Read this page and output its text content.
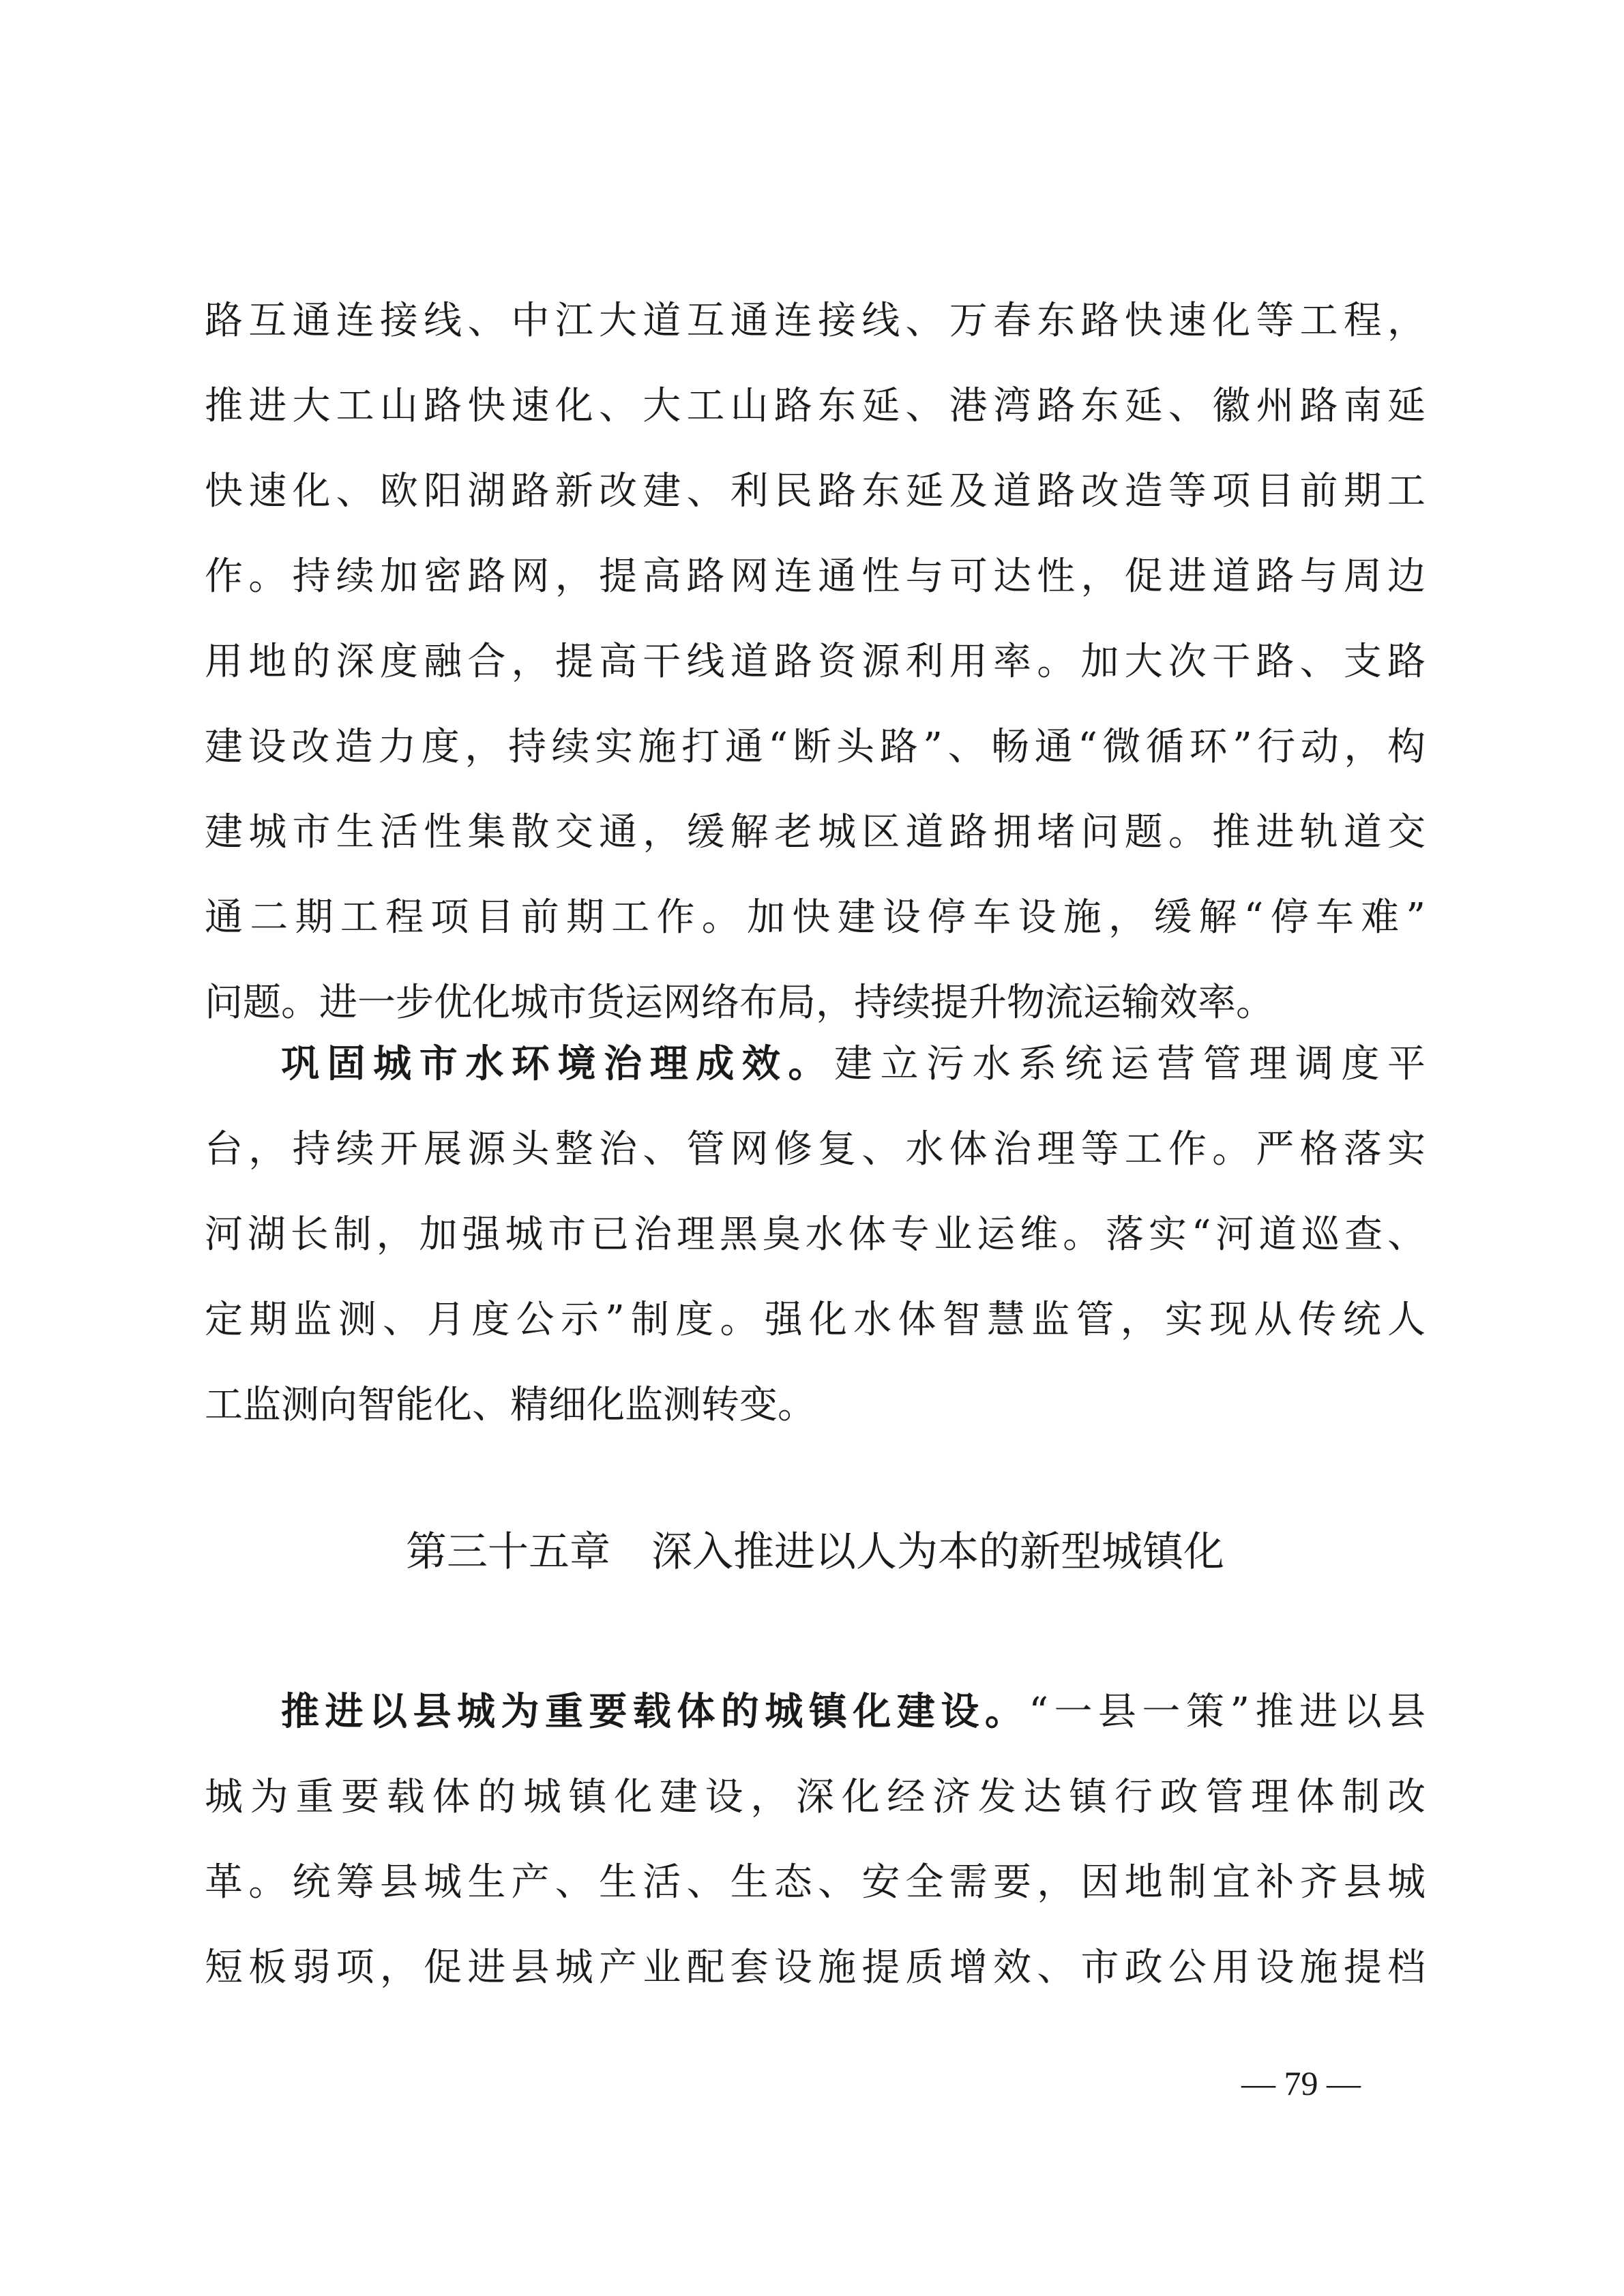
路互通连接线、中江大道互通连接线、万春东路快速化等工程，
推进大工山路快速化、大工山路东延、港湾路东延、徽州路南延
快速化、欧阳湖路新改建、利民路东延及道路改造等项目前期工
作。持续加密路网，提高路网连通性与可达性，促进道路与周边
用地的深度融合，提高干线道路资源利用率。加大次干路、支路
建设改造力度，持续实施打通“断头路”、畅通“微循环”行动，构
建城市生活性集散交通，缓解老城区道路拥堵问题。推进轨道交
通二期工程项目前期工作。加快建设停车设施，缓解“停车难”
问题。进一步优化城市货运网络布局，持续提升物流运输效率。
巩固城市水环境治理成效。建立污水系统运营管理调度平
台，持续开展源头整治、管网修复、水体治理等工作。严格落实
河湖长制，加强城市已治理黑臭水体专业运维。落实“河道巡查、
定期监测、月度公示”制度。强化水体智慧监管，实现从传统人
工监测向智能化、精细化监测转变。
第三十五章　深入推进以人为本的新型城镇化
推进以县城为重要载体的城镇化建设。“一县一策”推进以县
城为重要载体的城镇化建设，深化经济发达镇行政管理体制改
革。统筹县城生产、生活、生态、安全需要，因地制宜补齐县城
短板弱项，促进县城产业配套设施提质增效、市政公用设施提档
— 79 —
